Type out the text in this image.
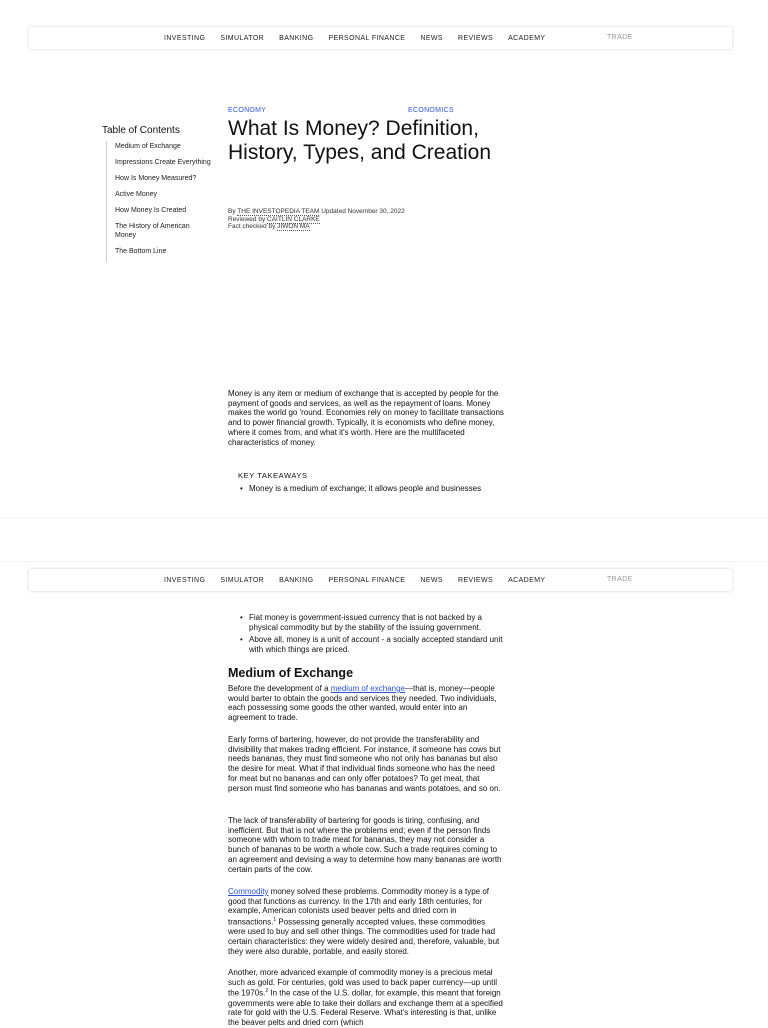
INVESTING SIMULATOR BANKING PERSONAL FINANCE NEWS REVIEWS ACADEMY	TRADE
INVESTING SIMULATOR BANKING PERSONAL FINANCE NEWS REVIEWS ACADEMY	TRADE
Table of Contents
Medium of Exchange
Impressions Create Everything
How Is Money Measured?
Active Money
How Money Is Created
The History of American Money
The Bottom Line
ECONOMY	ECONOMICS
What Is Money? Definition, History, Types, and Creation
By THE INVESTOPEDIA TEAM Updated November 30, 2022
Reviewed by CAITLIN CLARKE
Fact checked by JIWON MA

Money is any item or medium of exchange that is accepted by people for the payment of goods and services, as well as the repayment of loans. Money makes the world go 'round. Economies rely on money to facilitate transactions and to power financial growth. Typically, it is economists who define money, where it comes from, and what it's worth. Here are the multifaceted characteristics of money.

KEY TAKEAWAYS
• Money is a medium of exchange; it allows people and businesses
• Fiat money is government-issued currency that is not backed by a physical commodity but by the stability of the issuing government.
• Above all, money is a unit of account - a socially accepted standard unit with which things are priced.
Medium of Exchange

Before the development of a medium of exchange—that is, money—people would barter to obtain the goods and services they needed. Two individuals, each possessing some goods the other wanted, would enter into an agreement to trade.

Early forms of bartering, however, do not provide the transferability and divisibility that makes trading efficient. For instance, if someone has cows but needs bananas, they must find someone who not only has bananas but also the desire for meat. What if that individual finds someone who has the need for meat but no bananas and can only offer potatoes? To get meat, that person must find someone who has bananas and wants potatoes, and so on.

The lack of transferability of bartering for goods is tiring, confusing, and inefficient. But that is not where the problems end; even if the person finds someone with whom to trade meat for bananas, they may not consider a bunch of bananas to be worth a whole cow. Such a trade requires coming to an agreement and devising a way to determine how many bananas are worth certain parts of the cow.

Commodity money solved these problems. Commodity money is a type of good that functions as currency. In the 17th and early 18th centuries, for example, American colonists used beaver pelts and dried corn in transactions.$^1$ Possessing generally accepted values, these commodities were used to buy and sell other things. The commodities used for trade had certain characteristics: they were widely desired and, therefore, valuable, but they were also durable, portable, and easily stored.

Another, more advanced example of commodity money is a precious metal such as gold. For centuries, gold was used to back paper currency—up until the 1970s.$^2$ In the case of the U.S. dollar, for example, this meant that foreign governments were able to take their dollars and exchange them at a specified rate for gold with the U.S. Federal Reserve. What's interesting is that, unlike the beaver pelts and dried corn (which
